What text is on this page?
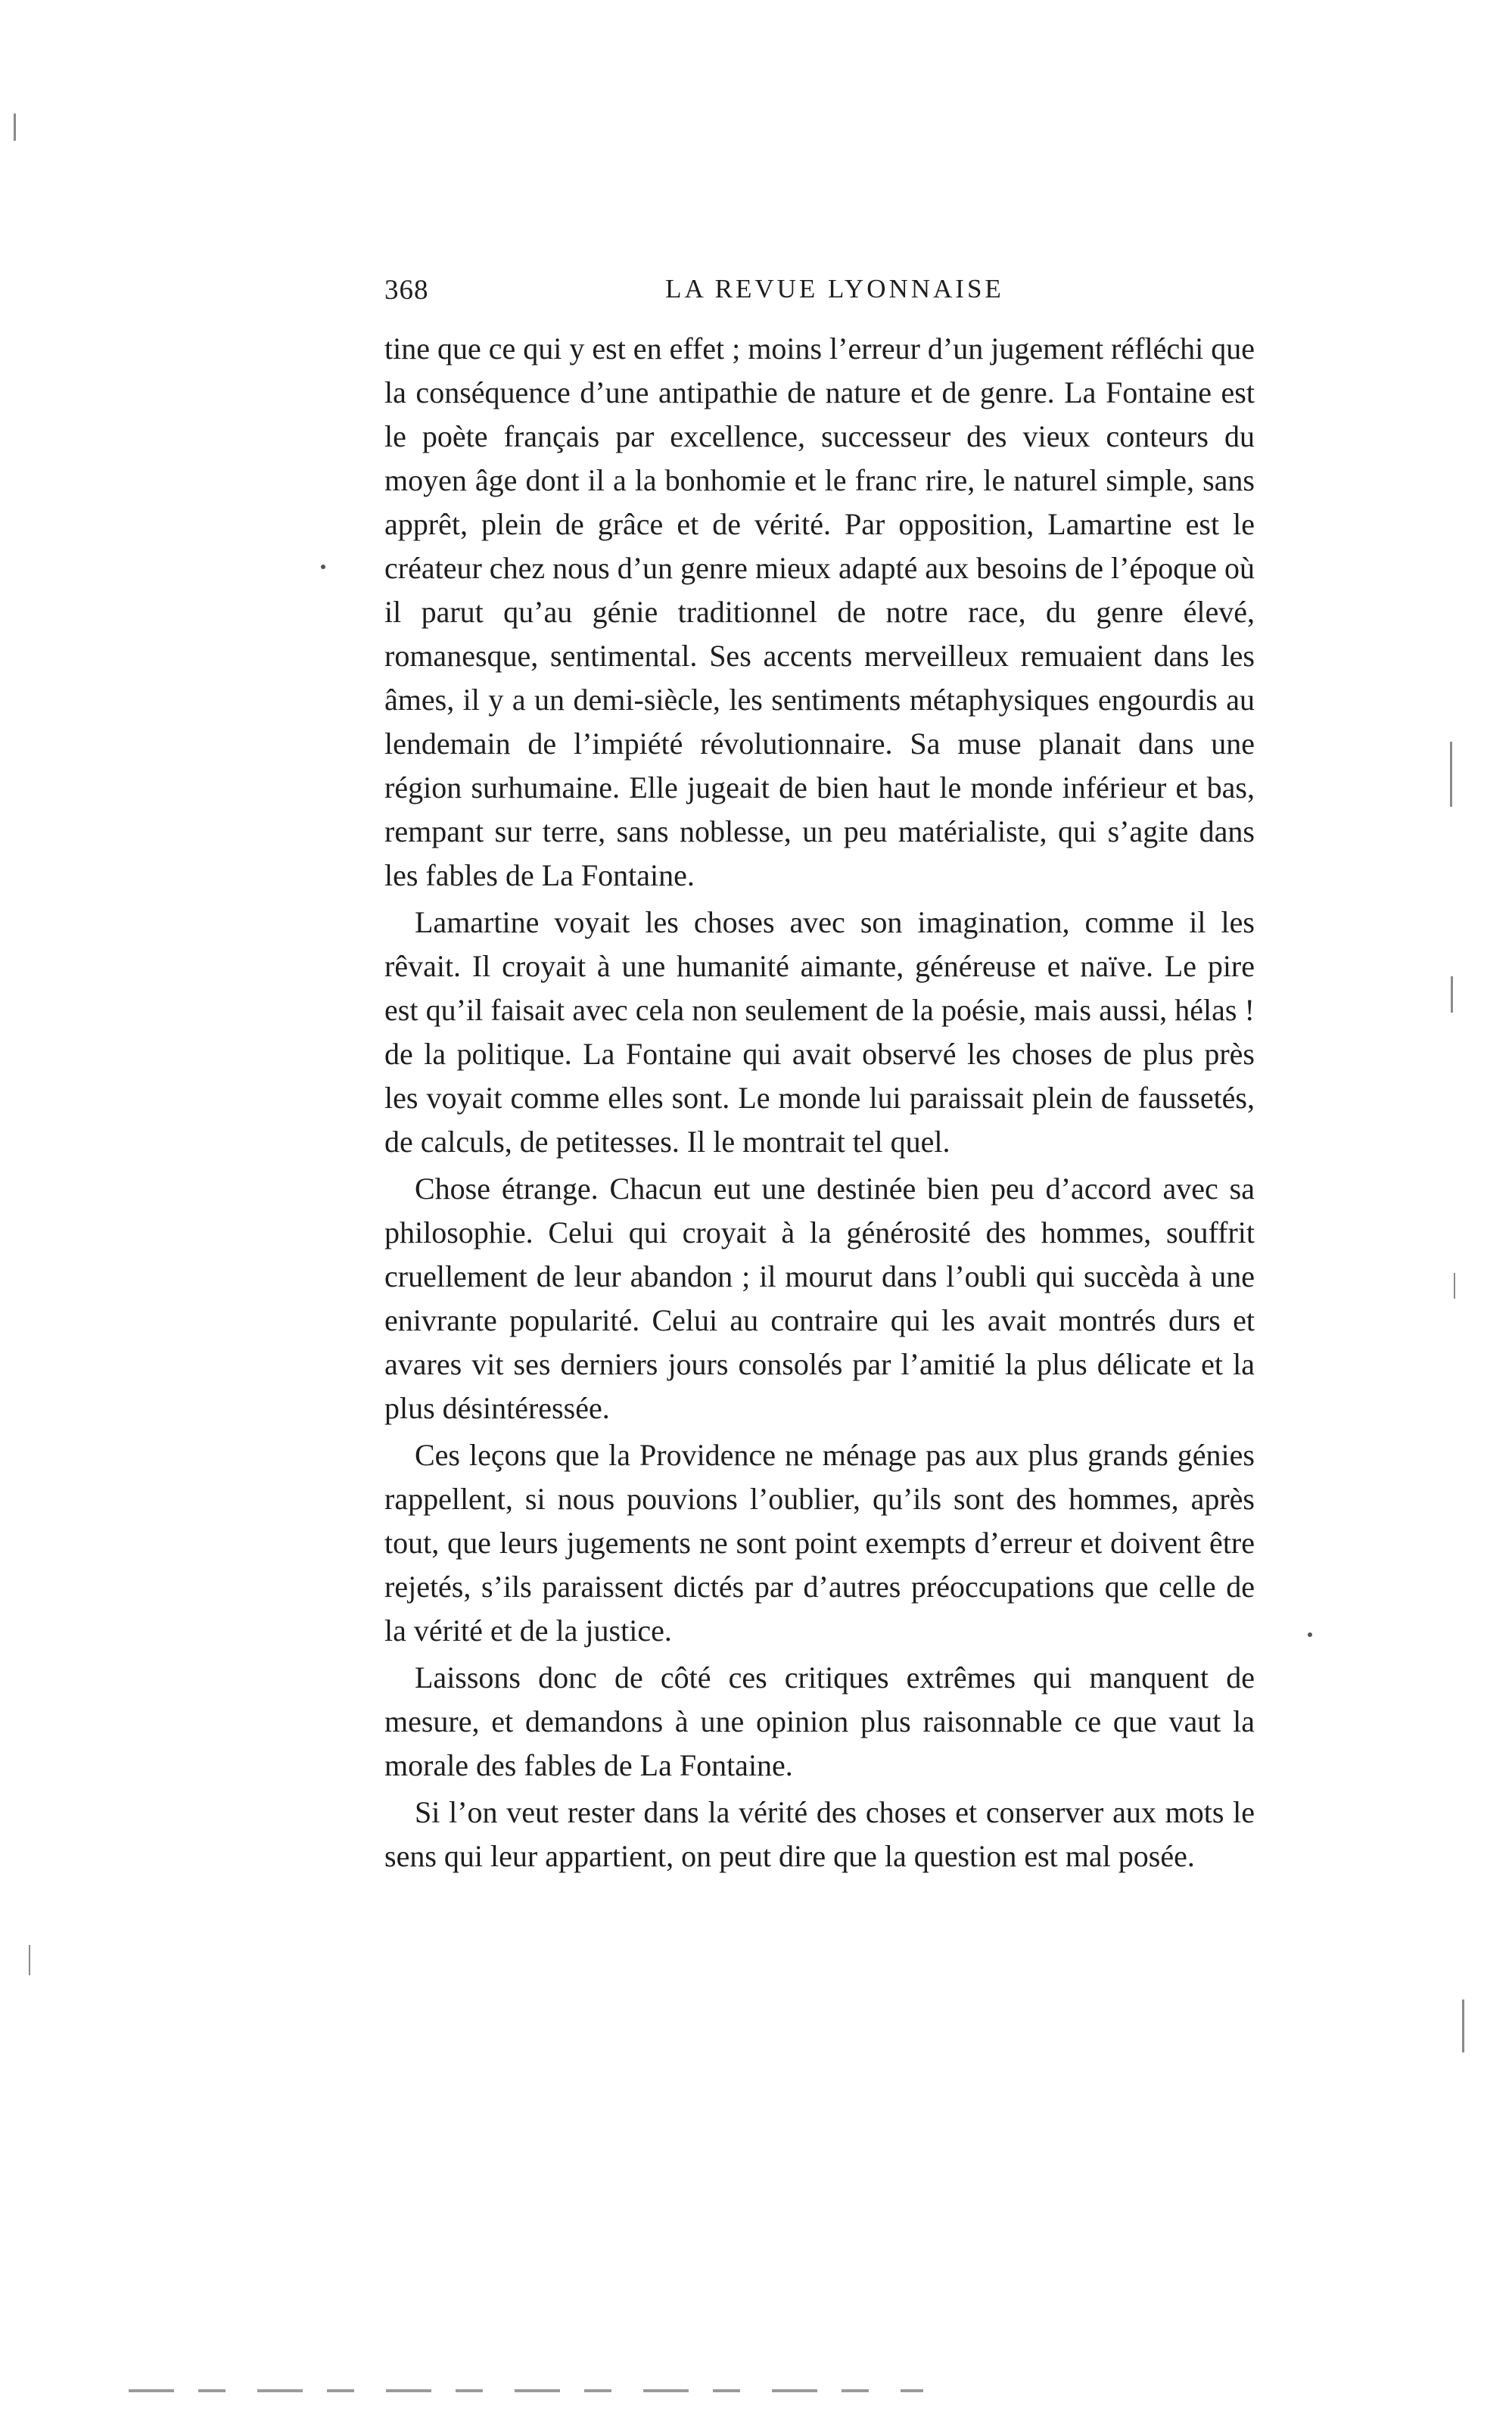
368	LA REVUE LYONNAISE

tine que ce qui y est en effet ; moins l’erreur d’un jugement réfléchi que la conséquence d’une antipathie de nature et de genre. La Fontaine est le poète français par excellence, successeur des vieux conteurs du moyen âge dont il a la bonhomie et le franc rire, le naturel simple, sans apprêt, plein de grâce et de vérité. Par opposition, Lamartine est le créateur chez nous d’un genre mieux adapté aux besoins de l’époque où il parut qu’au génie traditionnel de notre race, du genre élevé, romanesque, sentimental. Ses accents merveilleux remuaient dans les âmes, il y a un demi-siècle, les sentiments métaphysiques engourdis au lendemain de l’impiété révolutionnaire. Sa muse planait dans une région surhumaine. Elle jugeait de bien haut le monde inférieur et bas, rempant sur terre, sans noblesse, un peu matérialiste, qui s’agite dans les fables de La Fontaine.

Lamartine voyait les choses avec son imagination, comme il les rêvait. Il croyait à une humanité aimante, généreuse et naïve. Le pire est qu’il faisait avec cela non seulement de la poésie, mais aussi, hélas ! de la politique. La Fontaine qui avait observé les choses de plus près les voyait comme elles sont. Le monde lui paraissait plein de faussetés, de calculs, de petitesses. Il le montrait tel quel.

Chose étrange. Chacun eut une destinée bien peu d’accord avec sa philosophie. Celui qui croyait à la générosité des hommes, souffrit cruellement de leur abandon ; il mourut dans l’oubli qui succèda à une enivrante popularité. Celui au contraire qui les avait montrés durs et avares vit ses derniers jours consolés par l’amitié la plus délicate et la plus désintéressée.

Ces leçons que la Providence ne ménage pas aux plus grands génies rappellent, si nous pouvions l’oublier, qu’ils sont des hommes, après tout, que leurs jugements ne sont point exempts d’erreur et doivent être rejetés, s’ils paraissent dictés par d’autres préoccupations que celle de la vérité et de la justice.

Laissons donc de côté ces critiques extrêmes qui manquent de mesure, et demandons à une opinion plus raisonnable ce que vaut la morale des fables de La Fontaine.

Si l’on veut rester dans la vérité des choses et conserver aux mots le sens qui leur appartient, on peut dire que la question est mal posée.
